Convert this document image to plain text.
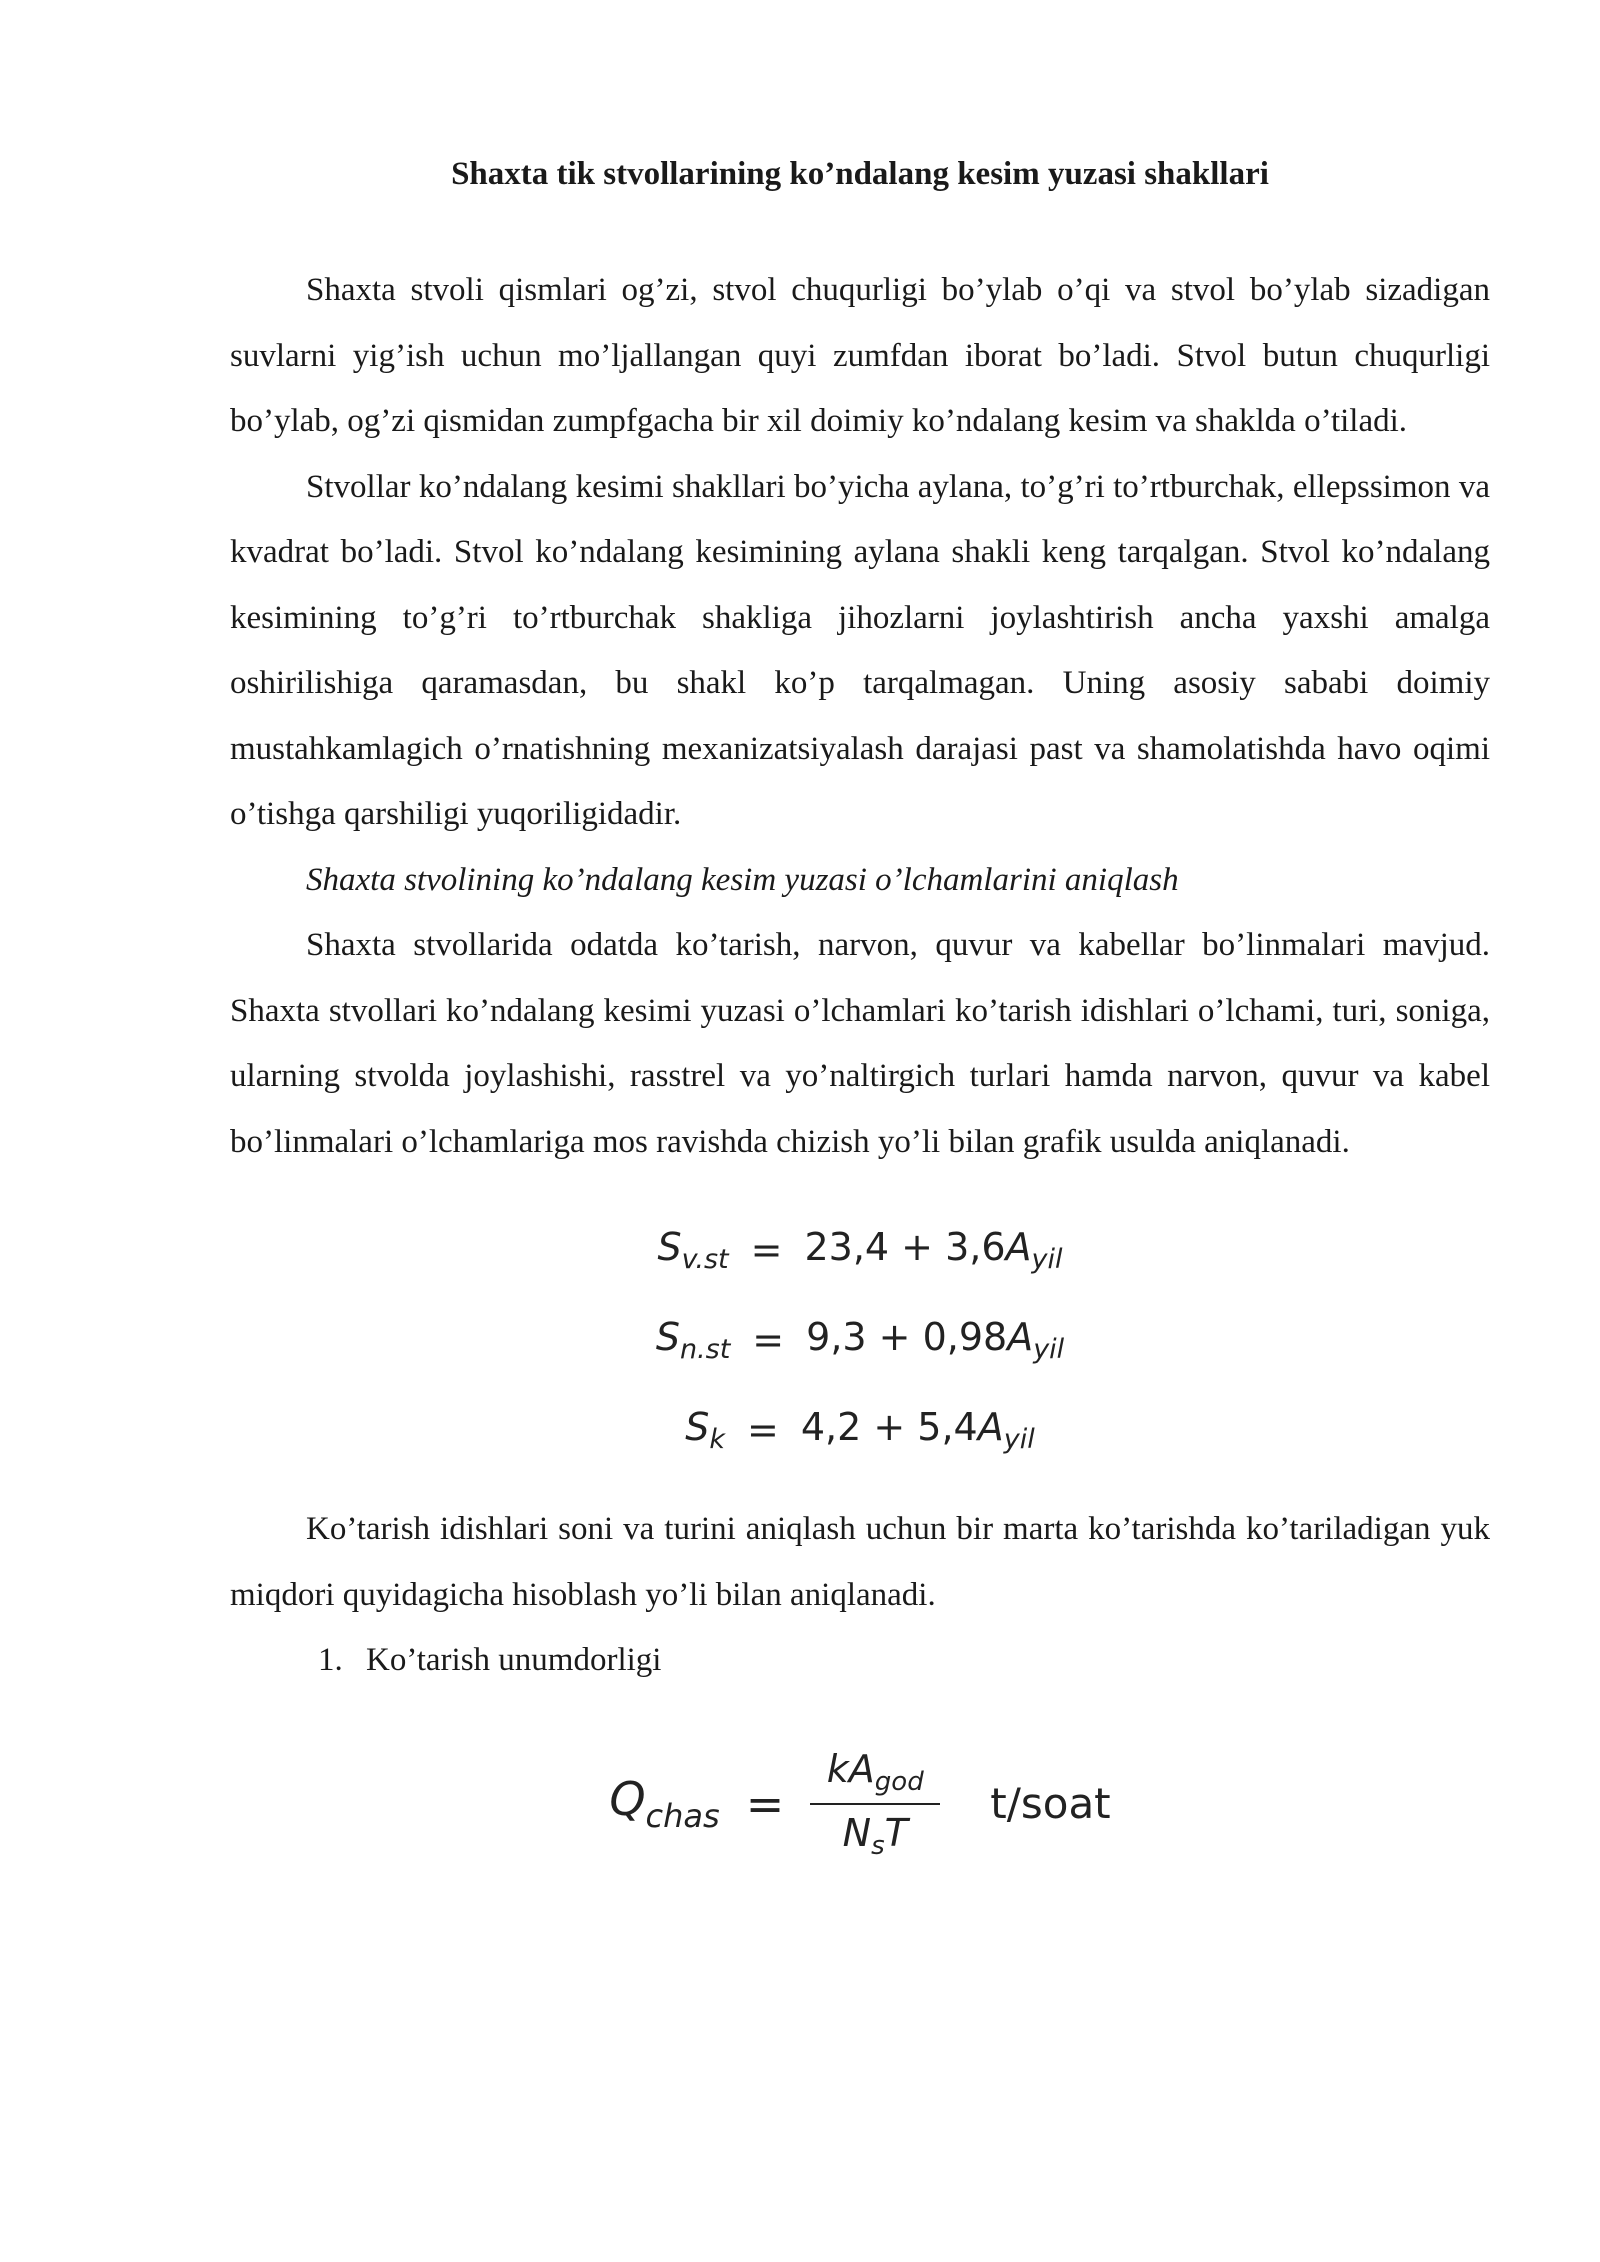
Shaxta tik stvollarining ko’ndalang kesim yuzasi shakllari

Shaxta stvoli qismlari og’zi, stvol chuqurligi bo’ylab o’qi va stvol bo’ylab sizadigan suvlarni yig’ish uchun mo’ljallangan quyi zumfdan iborat bo’ladi. Stvol butun chuqurligi bo’ylab, og’zi qismidan zumpfgacha bir xil doimiy ko’ndalang kesim va shaklda o’tiladi.

Stvollar ko’ndalang kesimi shakllari bo’yicha aylana, to’g’ri to’rtburchak, ellepssimon va kvadrat bo’ladi. Stvol ko’ndalang kesimining aylana shakli keng tarqalgan. Stvol ko’ndalang kesimining to’g’ri to’rtburchak shakliga jihozlarni joylashtirish ancha yaxshi amalga oshirilishiga qaramasdan, bu shakl ko’p tarqalmagan. Uning asosiy sababi doimiy mustahkamlagich o’rnatishning mexanizatsiyalash darajasi past va shamolatishda havo oqimi o’tishga qarshiligi yuqoriligidadir.

Shaxta stvolining ko’ndalang kesim yuzasi o’lchamlarini aniqlash

Shaxta stvollarida odatda ko’tarish, narvon, quvur va kabellar bo’linmalari mavjud. Shaxta stvollari ko’ndalang kesimi yuzasi o’lchamlari ko’tarish idishlari o’lchami, turi, soniga, ularning stvolda joylashishi, rasstrel va yo’naltirgich turlari hamda narvon, quvur va kabel bo’linmalari o’lchamlariga mos ravishda chizish yo’li bilan grafik usulda aniqlanadi.

$S_{v.st} = 23,4 + 3,6A_{yil}$
$S_{n.st} = 9,3 + 0,98A_{yil}$
$S_k = 4,2 + 5,4A_{yil}$

Ko’tarish idishlari soni va turini aniqlash uchun bir marta ko’tarishda ko’tariladigan yuk miqdori quyidagicha hisoblash yo’li bilan aniqlanadi.

1. Ko’tarish unumdorligi
$Q_{chas} = \frac{kA_{god}}{N_sT}$ t/soat
